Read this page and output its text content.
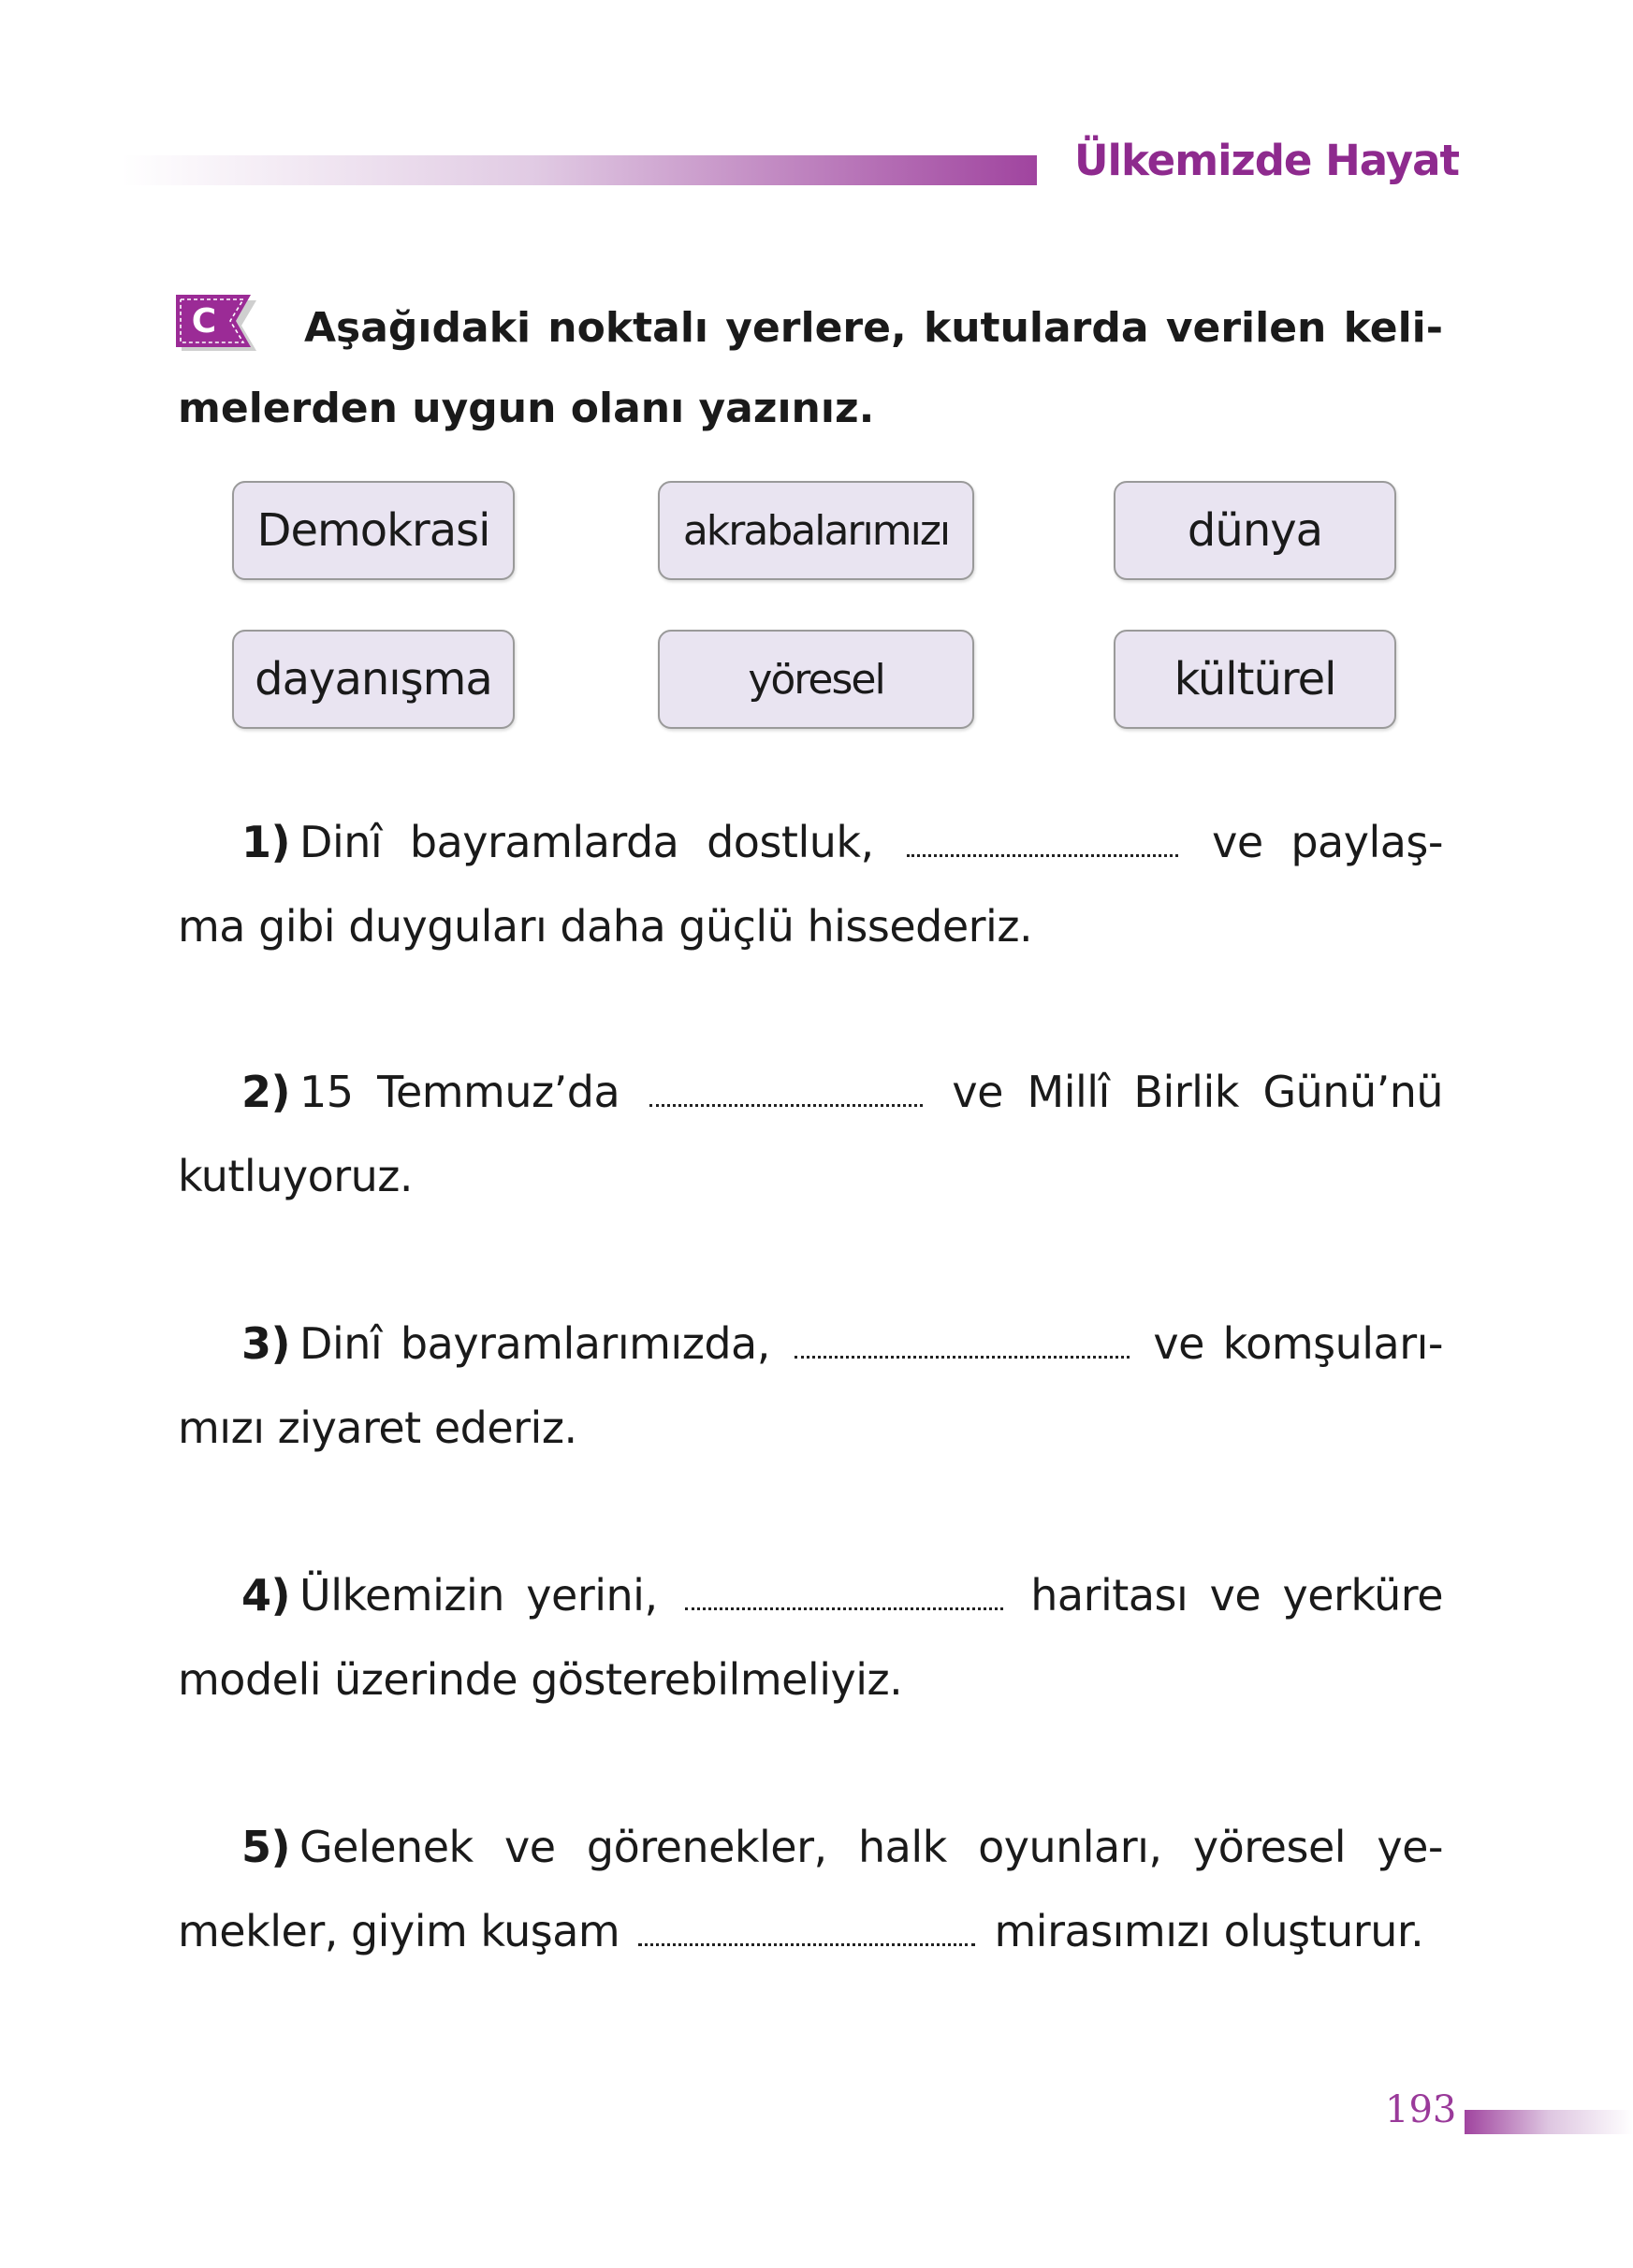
Ülkemizde Hayat
C	Aşağıdaki noktalı yerlere, kutularda verilen keli- melerden uygun olanı yazınız.
Demokrasi	akrabalarımızı	dünya
dayanışma	yöresel	kültürel
1) Dinî bayramlarda dostluk,	ve paylaş- ma gibi duyguları daha güçlü hissederiz.
2) 15 Temmuz’da	ve Millî Birlik Günü’nü kutluyoruz.
3) Dinî bayramlarımızda,	ve komşuları- mızı ziyaret ederiz.
4) Ülkemizin yerini,	haritası ve yerküre modeli üzerinde gösterebilmeliyiz.
5) Gelenek ve görenekler, halk oyunları, yöresel ye- mekler, giyim kuşam	mirasımızı oluşturur.
193
